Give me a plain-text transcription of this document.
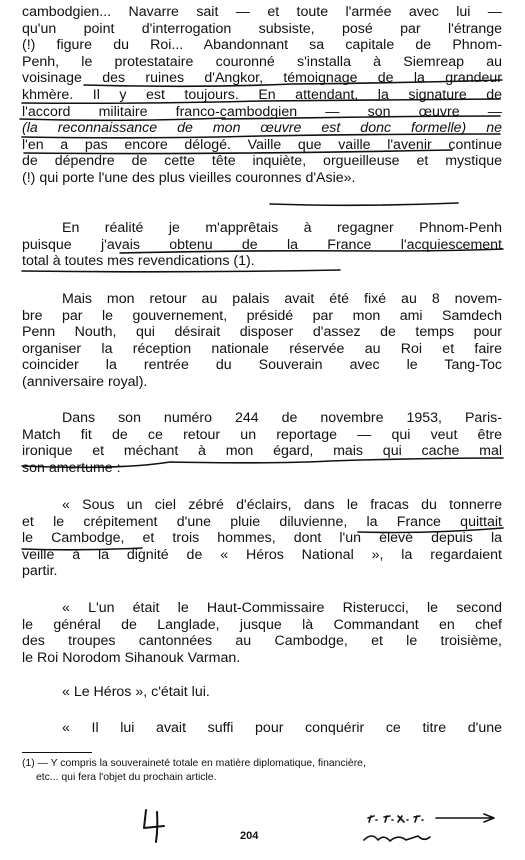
cambodgien... Navarre sait — et toute l'armée avec lui —
qu'un point d'interrogation subsiste, posé par l'étrange
(!) figure du Roi... Abandonnant sa capitale de Phnom-
Penh, le protestataire couronné s'installa à Siemreap au
voisinage des ruines d'Angkor, témoignage de la grandeur
khmère. Il y est toujours. En attendant, la signature de
l'accord militaire franco-cambodgien — son œuvre —
(la reconnaissance de mon œuvre est donc formelle) ne
l'en a pas encore délogé. Vaille que vaille l'avenir continue
de dépendre de cette tête inquiète, orgueilleuse et mystique
(!) qui porte l'une des plus vieilles couronnes d'Asie».
En réalité je m'apprêtais à regagner Phnom-Penh
puisque j'avais obtenu de la France l'acquiescement
total à toutes mes revendications (1).
Mais mon retour au palais avait été fixé au 8 novem-
bre par le gouvernement, présidé par mon ami Samdech
Penn Nouth, qui désirait disposer d'assez de temps pour
organiser la réception nationale réservée au Roi et faire
coincider la rentrée du Souverain avec le Tang-Toc
(anniversaire royal).
Dans son numéro 244 de novembre 1953, Paris-
Match fit de ce retour un reportage — qui veut être
ironique et méchant à mon égard, mais qui cache mal
son amertume :
« Sous un ciel zébré d'éclairs, dans le fracas du tonnerre
et le crépitement d'une pluie diluvienne, la France quittait
le Cambodge, et trois hommes, dont l'un élevé depuis la
veille à la dignité de « Héros National », la regardaient
partir.
« L'un était le Haut-Commissaire Risterucci, le second
le général de Langlade, jusque là Commandant en chef
des troupes cantonnées au Cambodge, et le troisième,
le Roi Norodom Sihanouk Varman.
« Le Héros », c'était lui.
« Il lui avait suffi pour conquérir ce titre d'une
(1) — Y compris la souveraineté totale en matière diplomatique, financière,
etc... qui fera l'objet du prochain article.
204
